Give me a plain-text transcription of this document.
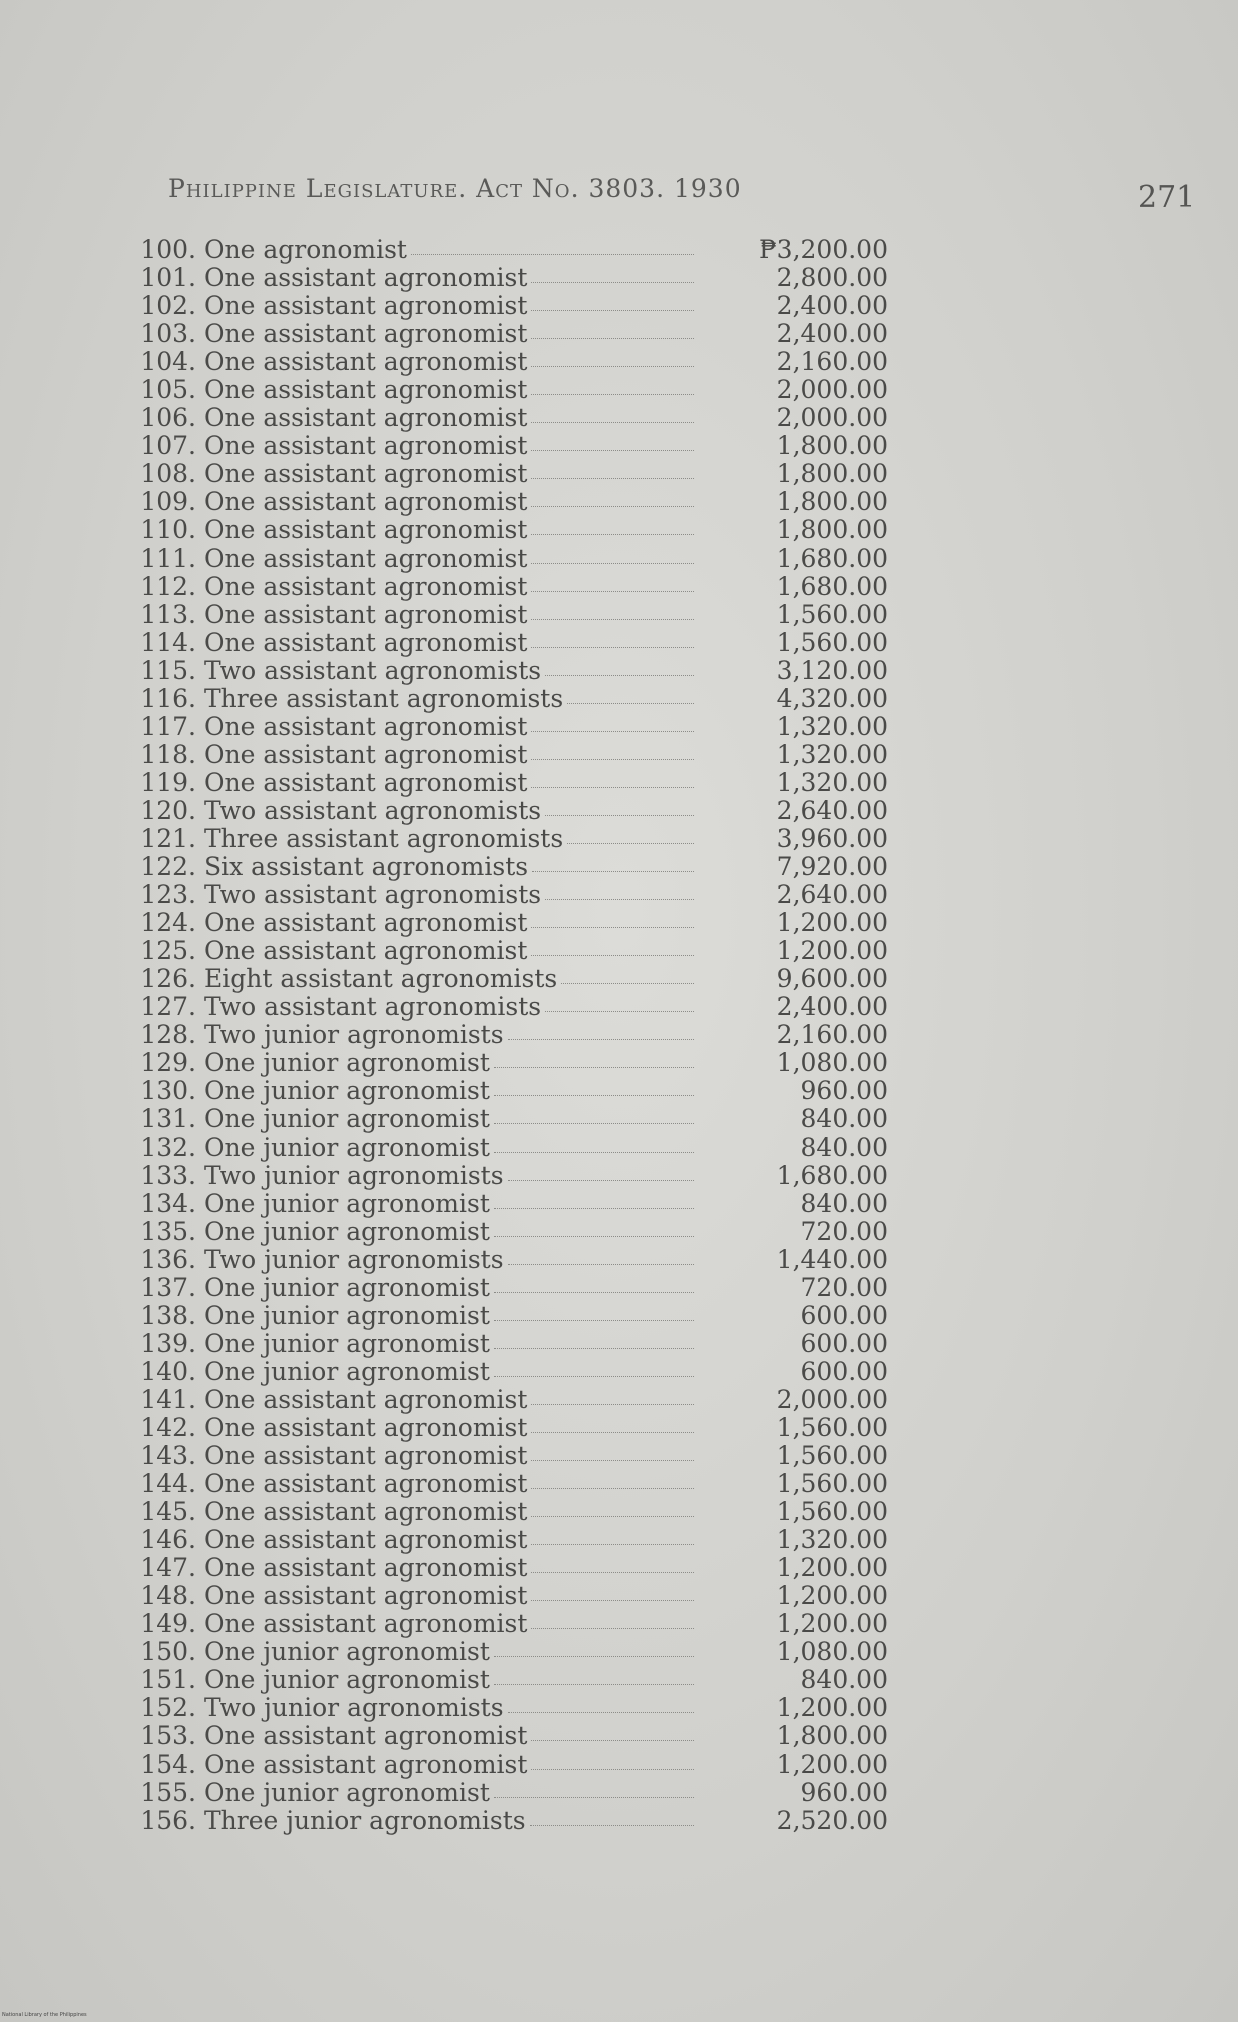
Philippine Legislature. Act No. 3803. 1930	271
100. One agronomist	₱3,200.00
101. One assistant agronomist	2,800.00
102. One assistant agronomist	2,400.00
103. One assistant agronomist	2,400.00
104. One assistant agronomist	2,160.00
105. One assistant agronomist	2,000.00
106. One assistant agronomist	2,000.00
107. One assistant agronomist	1,800.00
108. One assistant agronomist	1,800.00
109. One assistant agronomist	1,800.00
110. One assistant agronomist	1,800.00
111. One assistant agronomist	1,680.00
112. One assistant agronomist	1,680.00
113. One assistant agronomist	1,560.00
114. One assistant agronomist	1,560.00
115. Two assistant agronomists	3,120.00
116. Three assistant agronomists	4,320.00
117. One assistant agronomist	1,320.00
118. One assistant agronomist	1,320.00
119. One assistant agronomist	1,320.00
120. Two assistant agronomists	2,640.00
121. Three assistant agronomists	3,960.00
122. Six assistant agronomists	7,920.00
123. Two assistant agronomists	2,640.00
124. One assistant agronomist	1,200.00
125. One assistant agronomist	1,200.00
126. Eight assistant agronomists	9,600.00
127. Two assistant agronomists	2,400.00
128. Two junior agronomists	2,160.00
129. One junior agronomist	1,080.00
130. One junior agronomist	960.00
131. One junior agronomist	840.00
132. One junior agronomist	840.00
133. Two junior agronomists	1,680.00
134. One junior agronomist	840.00
135. One junior agronomist	720.00
136. Two junior agronomists	1,440.00
137. One junior agronomist	720.00
138. One junior agronomist	600.00
139. One junior agronomist	600.00
140. One junior agronomist	600.00
141. One assistant agronomist	2,000.00
142. One assistant agronomist	1,560.00
143. One assistant agronomist	1,560.00
144. One assistant agronomist	1,560.00
145. One assistant agronomist	1,560.00
146. One assistant agronomist	1,320.00
147. One assistant agronomist	1,200.00
148. One assistant agronomist	1,200.00
149. One assistant agronomist	1,200.00
150. One junior agronomist	1,080.00
151. One junior agronomist	840.00
152. Two junior agronomists	1,200.00
153. One assistant agronomist	1,800.00
154. One assistant agronomist	1,200.00
155. One junior agronomist	960.00
156. Three junior agronomists	2,520.00
National Library of the Philippines
